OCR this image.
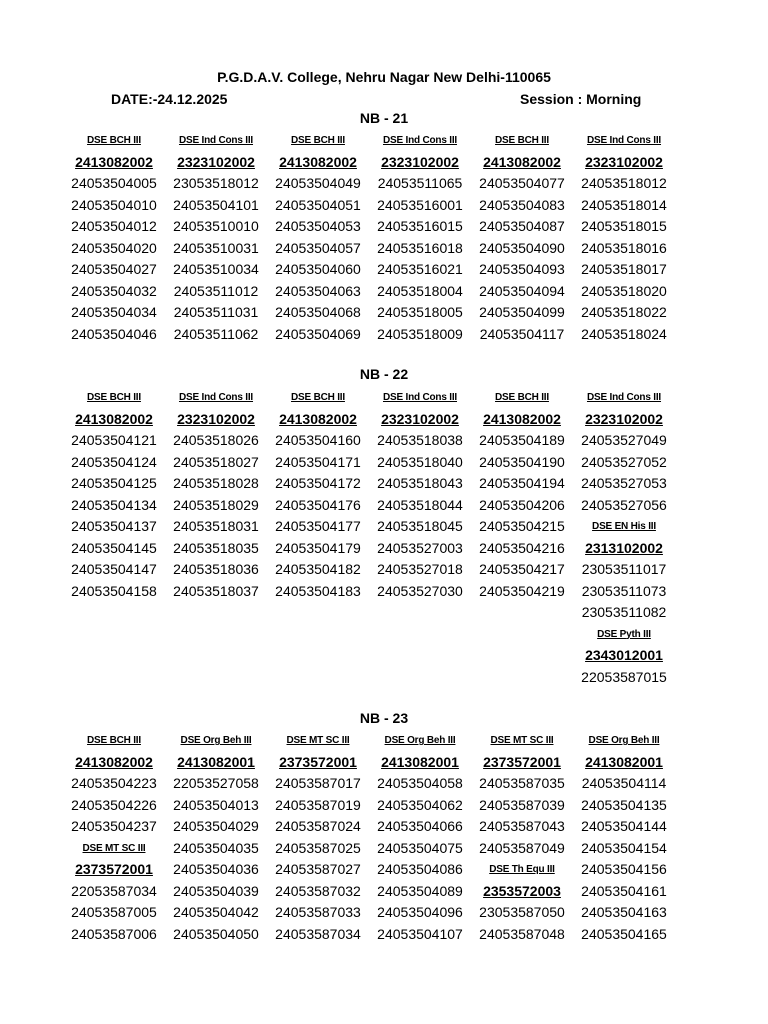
P.G.D.A.V. College, Nehru Nagar New Delhi-110065
DATE:-24.12.2025	Session : Morning
NB - 21
DSE BCH III
2413082002
24053504005
24053504010
24053504012
24053504020
24053504027
24053504032
24053504034
24053504046
DSE Ind Cons III
2323102002
23053518012
24053504101
24053510010
24053510031
24053510034
24053511012
24053511031
24053511062
DSE BCH III
2413082002
24053504049
24053504051
24053504053
24053504057
24053504060
24053504063
24053504068
24053504069
DSE Ind Cons III
2323102002
24053511065
24053516001
24053516015
24053516018
24053516021
24053518004
24053518005
24053518009
DSE BCH III
2413082002
24053504077
24053504083
24053504087
24053504090
24053504093
24053504094
24053504099
24053504117
DSE Ind Cons III
2323102002
24053518012
24053518014
24053518015
24053518016
24053518017
24053518020
24053518022
24053518024
NB - 22
DSE BCH III
2413082002
24053504121
24053504124
24053504125
24053504134
24053504137
24053504145
24053504147
24053504158
DSE Ind Cons III
2323102002
24053518026
24053518027
24053518028
24053518029
24053518031
24053518035
24053518036
24053518037
DSE BCH III
2413082002
24053504160
24053504171
24053504172
24053504176
24053504177
24053504179
24053504182
24053504183
DSE Ind Cons III
2323102002
24053518038
24053518040
24053518043
24053518044
24053518045
24053527003
24053527018
24053527030
DSE BCH III
2413082002
24053504189
24053504190
24053504194
24053504206
24053504215
24053504216
24053504217
24053504219
DSE Ind Cons III
2323102002
24053527049
24053527052
24053527053
24053527056
DSE EN His III
2313102002
23053511017
23053511073
23053511082
DSE Pyth III
2343012001
22053587015
NB - 23
DSE BCH III
2413082002
24053504223
24053504226
24053504237
DSE MT SC III
2373572001
22053587034
24053587005
24053587006
DSE Org Beh III
2413082001
22053527058
24053504013
24053504029
24053504035
24053504036
24053504039
24053504042
24053504050
DSE MT SC III
2373572001
24053587017
24053587019
24053587024
24053587025
24053587027
24053587032
24053587033
24053587034
DSE Org Beh III
2413082001
24053504058
24053504062
24053504066
24053504075
24053504086
24053504089
24053504096
24053504107
DSE MT SC III
2373572001
24053587035
24053587039
24053587043
24053587049
DSE Th Equ III
2353572003
23053587050
24053587048
DSE Org Beh III
2413082001
24053504114
24053504135
24053504144
24053504154
24053504156
24053504161
24053504163
24053504165
